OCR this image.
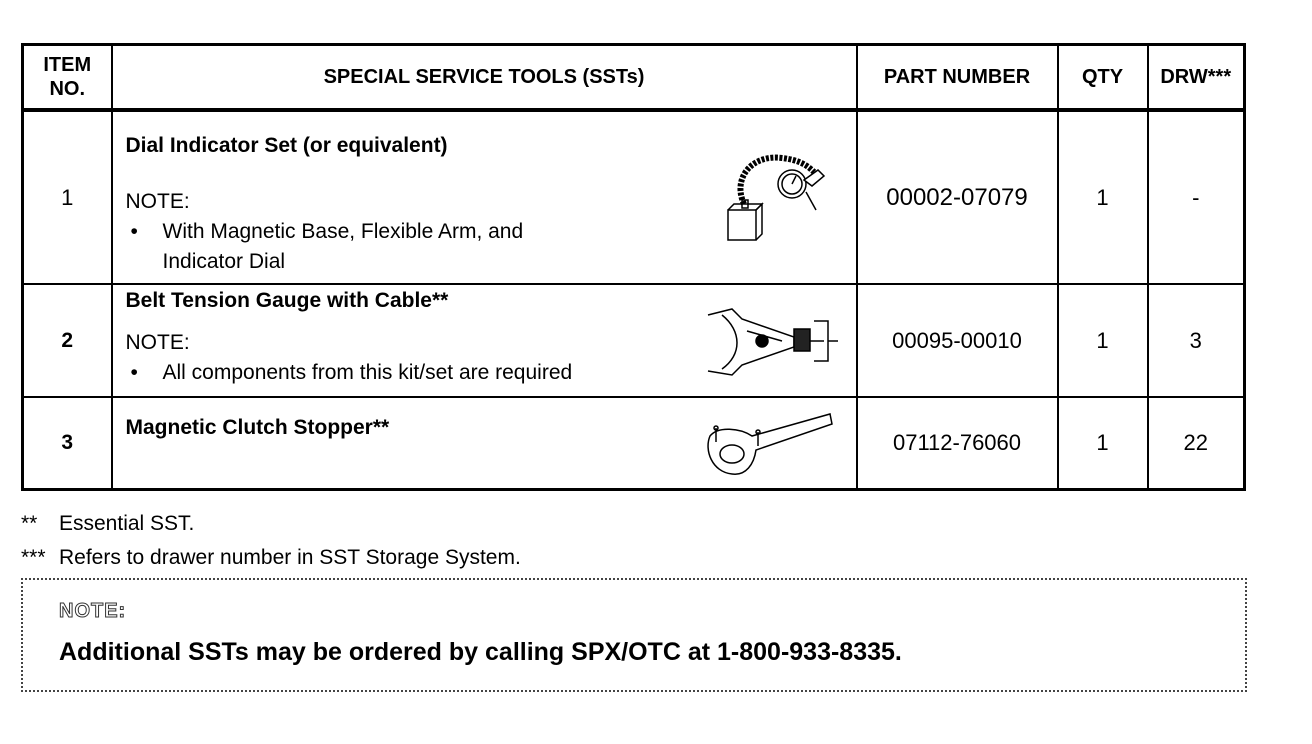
ITEM NO.	SPECIAL SERVICE TOOLS (SSTs)	PART NUMBER	QTY	DRW***
1	Dial Indicator Set (or equivalent)
NOTE:
• With Magnetic Base, Flexible Arm, and
Indicator Dial	00002-07079	1	-
2	Belt Tension Gauge with Cable**
NOTE:
• All components from this kit/set are required	00095-00010	1	3
3	Magnetic Clutch Stopper**	07112-76060	1	22
** Essential SST.
*** Refers to drawer number in SST Storage System.
NOTE:
Additional SSTs may be ordered by calling SPX/OTC at 1-800-933-8335.
